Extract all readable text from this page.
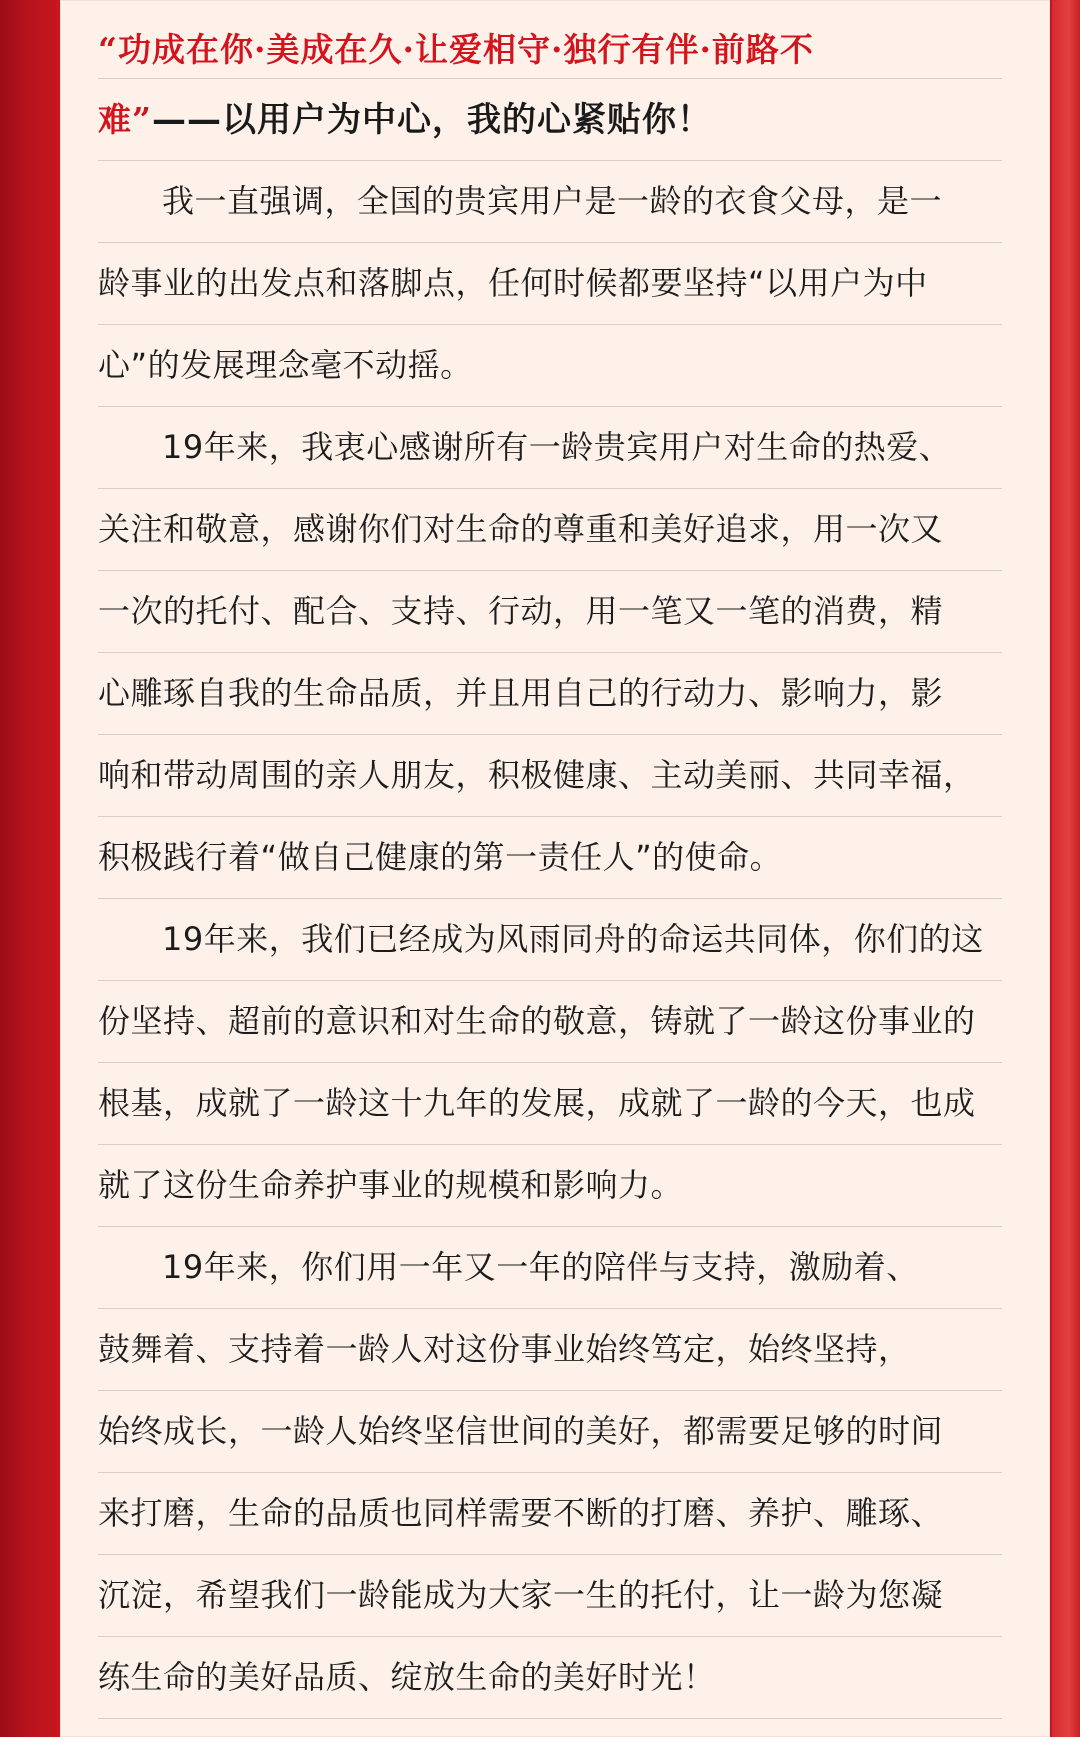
“功成在你·美成在久·让爱相守·独行有伴·前路不
难”——以用户为中心，我的心紧贴你！
我一直强调，全国的贵宾用户是一龄的衣食父母，是一
龄事业的出发点和落脚点，任何时候都要坚持“以用户为中
心”的发展理念毫不动摇。
19年来，我衷心感谢所有一龄贵宾用户对生命的热爱、
关注和敬意，感谢你们对生命的尊重和美好追求，用一次又
一次的托付、配合、支持、行动，用一笔又一笔的消费，精
心雕琢自我的生命品质，并且用自己的行动力、影响力，影
响和带动周围的亲人朋友，积极健康、主动美丽、共同幸福，
积极践行着“做自己健康的第一责任人”的使命。
19年来，我们已经成为风雨同舟的命运共同体，你们的这
份坚持、超前的意识和对生命的敬意，铸就了一龄这份事业的
根基，成就了一龄这十九年的发展，成就了一龄的今天，也成
就了这份生命养护事业的规模和影响力。
19年来，你们用一年又一年的陪伴与支持，激励着、
鼓舞着、支持着一龄人对这份事业始终笃定，始终坚持，
始终成长，一龄人始终坚信世间的美好，都需要足够的时间
来打磨，生命的品质也同样需要不断的打磨、养护、雕琢、
沉淀，希望我们一龄能成为大家一生的托付，让一龄为您凝
练生命的美好品质、绽放生命的美好时光！
